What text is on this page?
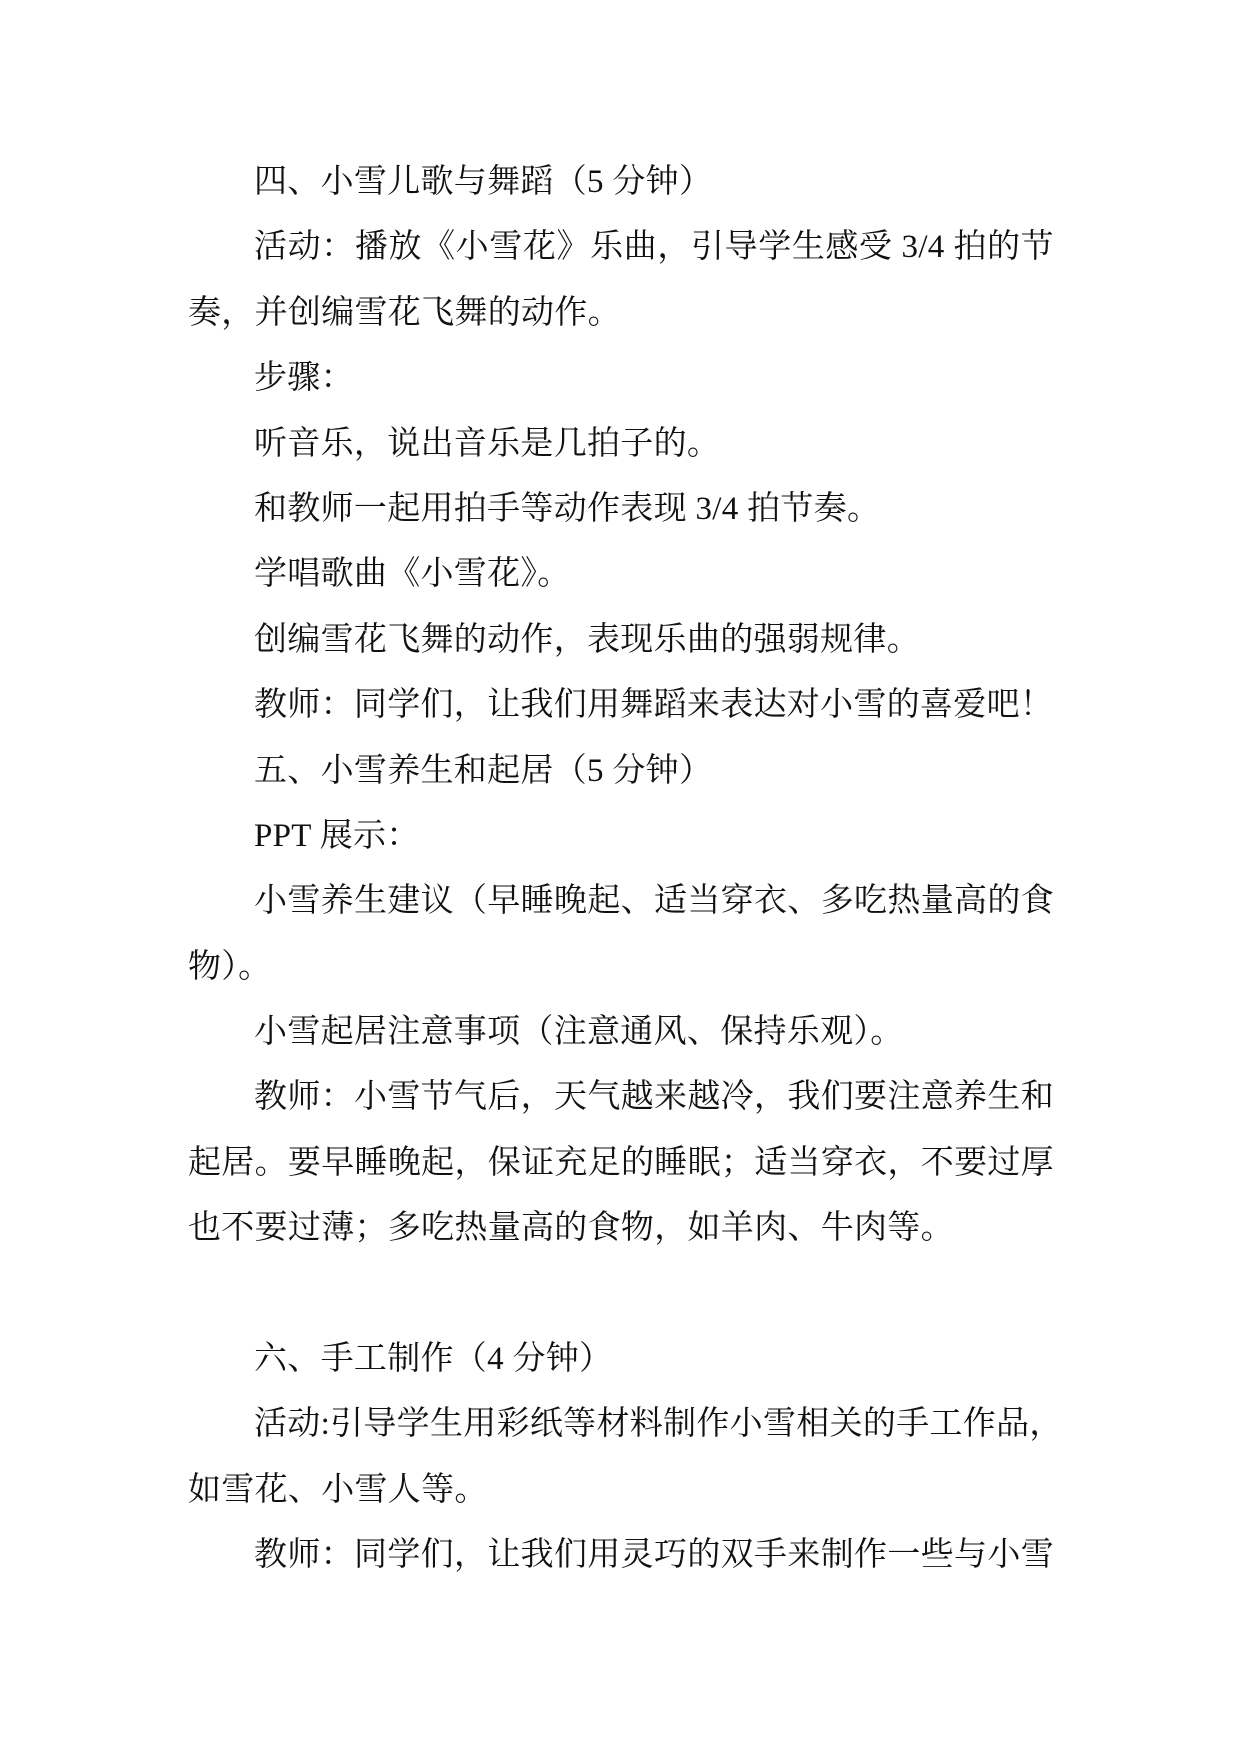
四、小雪儿歌与舞蹈（5 分钟）
活动：播放《小雪花》乐曲，引导学生感受 3/4 拍的节
奏，并创编雪花飞舞的动作。
步骤：
听音乐，说出音乐是几拍子的。
和教师一起用拍手等动作表现 3/4 拍节奏。
学唱歌曲《小雪花》。
创编雪花飞舞的动作，表现乐曲的强弱规律。
教师：同学们，让我们用舞蹈来表达对小雪的喜爱吧！
五、小雪养生和起居（5 分钟）
PPT 展示：
小雪养生建议（早睡晚起、适当穿衣、多吃热量高的食
物）。
小雪起居注意事项（注意通风、保持乐观）。
教师：小雪节气后，天气越来越冷，我们要注意养生和
起居。要早睡晚起，保证充足的睡眠；适当穿衣，不要过厚
也不要过薄；多吃热量高的食物，如羊肉、牛肉等。
六、手工制作（4 分钟）
活动:引导学生用彩纸等材料制作小雪相关的手工作品，
如雪花、小雪人等。
教师：同学们，让我们用灵巧的双手来制作一些与小雪
